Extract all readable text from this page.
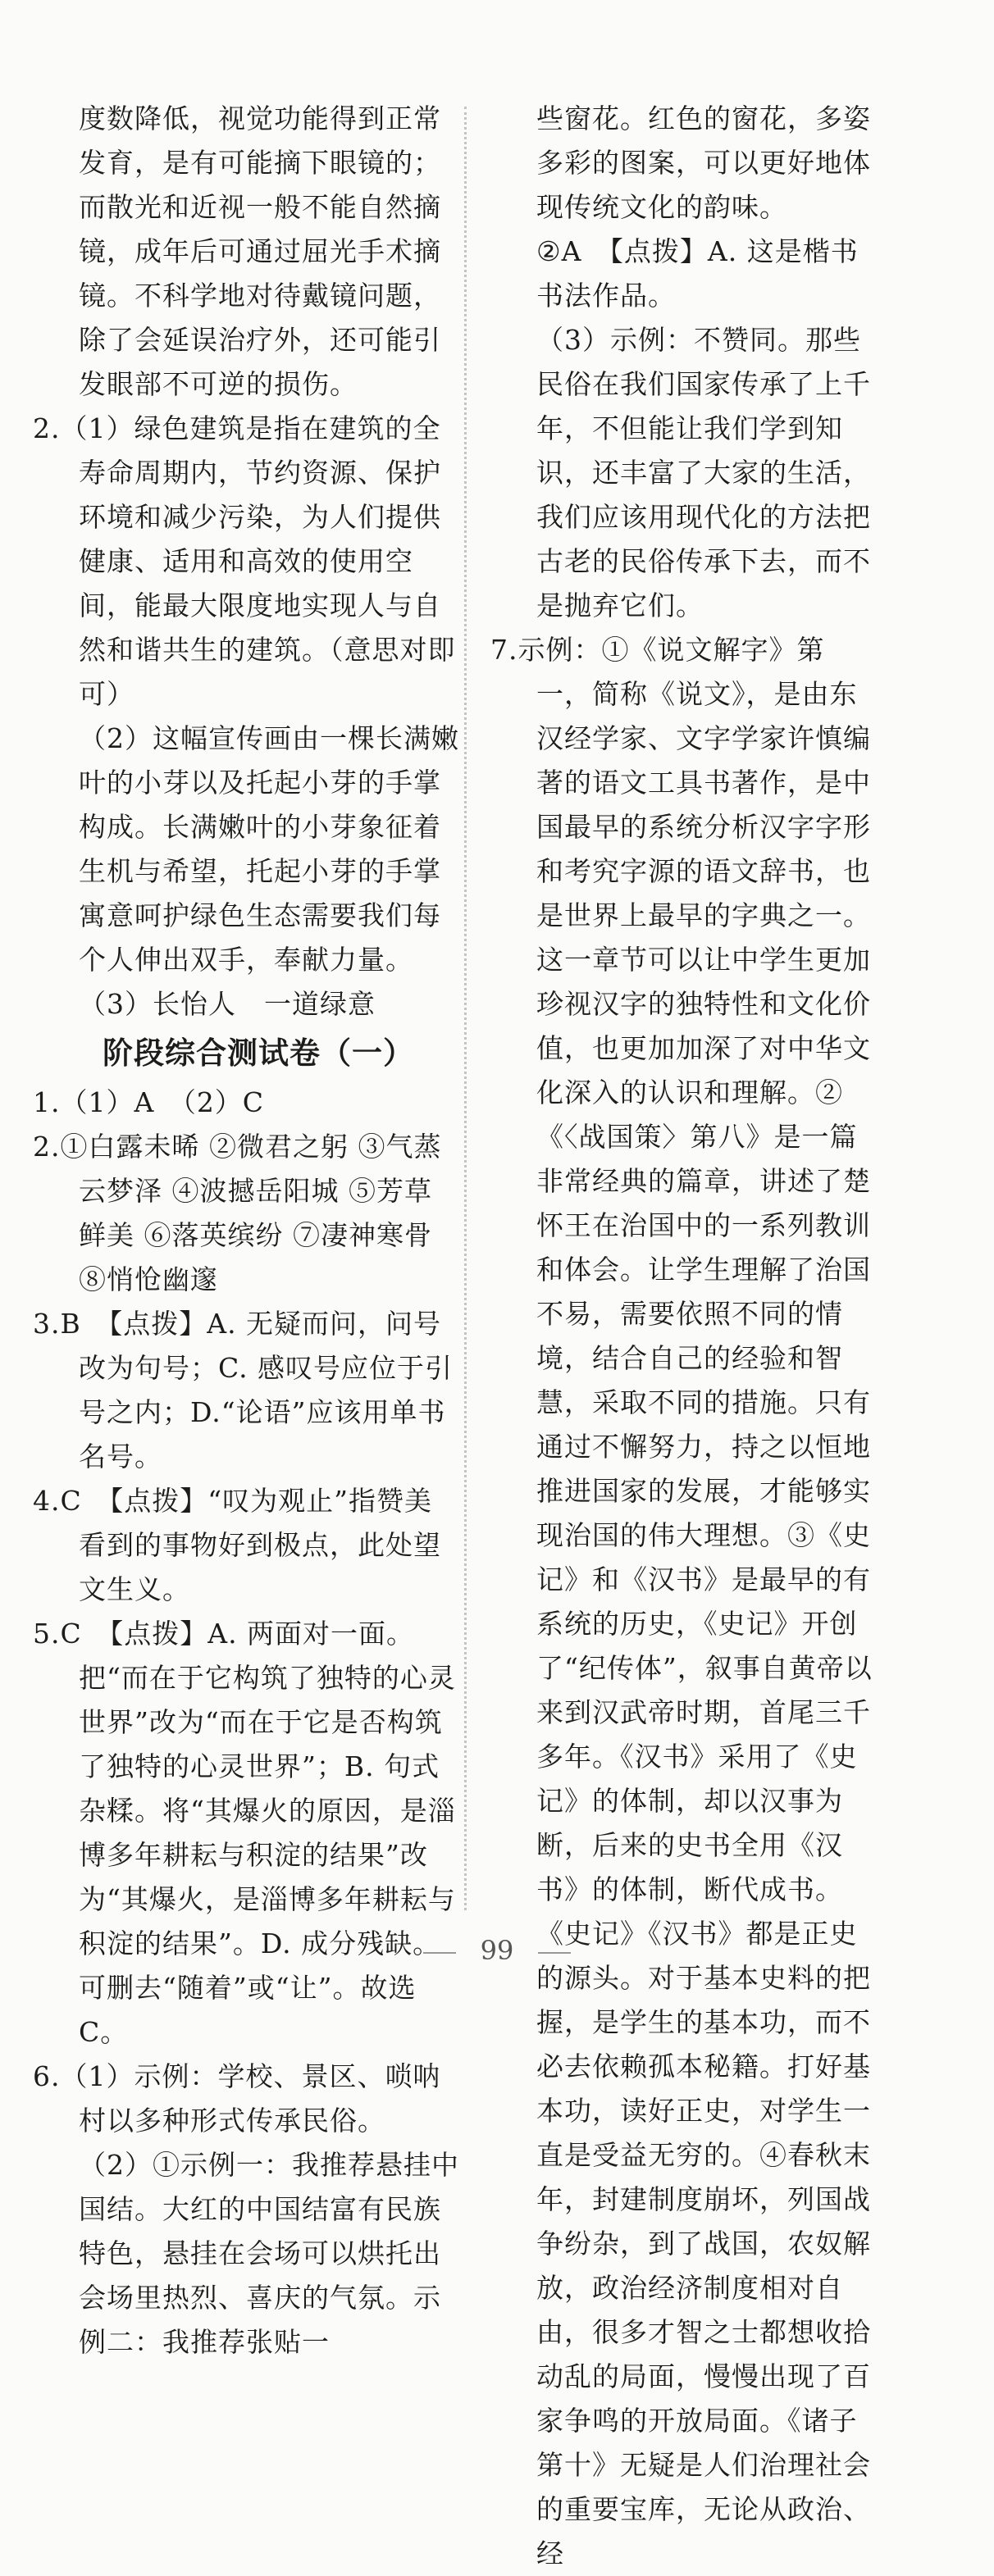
度数降低，视觉功能得到正常发育，是有可能摘下眼镜的；而散光和近视一般不能自然摘镜，成年后可通过屈光手术摘镜。不科学地对待戴镜问题，除了会延误治疗外，还可能引发眼部不可逆的损伤。

2.（1）绿色建筑是指在建筑的全寿命周期内，节约资源、保护环境和减少污染，为人们提供健康、适用和高效的使用空间，能最大限度地实现人与自然和谐共生的建筑。（意思对即可）

（2）这幅宣传画由一棵长满嫩叶的小芽以及托起小芽的手掌构成。长满嫩叶的小芽象征着生机与希望，托起小芽的手掌寓意呵护绿色生态需要我们每个人伸出双手，奉献力量。

（3）长怡人　一道绿意

阶段综合测试卷（一）

1.（1）A　（2）C

2.①白露未晞 ②微君之躬 ③气蒸云梦泽 ④波撼岳阳城 ⑤芳草鲜美 ⑥落英缤纷 ⑦凄神寒骨 ⑧悄怆幽邃

3.B　【点拨】A. 无疑而问，问号改为句号；C. 感叹号应位于引号之内；D.“论语”应该用单书名号。

4.C　【点拨】“叹为观止”指赞美看到的事物好到极点，此处望文生义。

5.C　【点拨】A. 两面对一面。把“而在于它构筑了独特的心灵世界”改为“而在于它是否构筑了独特的心灵世界”；B. 句式杂糅。将“其爆火的原因，是淄博多年耕耘与积淀的结果”改为“其爆火，是淄博多年耕耘与积淀的结果”。D. 成分残缺。可删去“随着”或“让”。故选 C。

6.（1）示例：学校、景区、唢呐村以多种形式传承民俗。

（2）①示例一：我推荐悬挂中国结。大红的中国结富有民族特色，悬挂在会场可以烘托出会场里热烈、喜庆的气氛。示例二：我推荐张贴一

些窗花。红色的窗花，多姿多彩的图案，可以更好地体现传统文化的韵味。

②A　【点拨】A. 这是楷书书法作品。

（3）示例：不赞同。那些民俗在我们国家传承了上千年，不但能让我们学到知识，还丰富了大家的生活，我们应该用现代化的方法把古老的民俗传承下去，而不是抛弃它们。

7.示例：①《说文解字》第一，简称《说文》，是由东汉经学家、文字学家许慎编著的语文工具书著作，是中国最早的系统分析汉字字形和考究字源的语文辞书，也是世界上最早的字典之一。这一章节可以让中学生更加珍视汉字的独特性和文化价值，也更加加深了对中华文化深入的认识和理解。②《〈战国策〉第八》是一篇非常经典的篇章，讲述了楚怀王在治国中的一系列教训和体会。让学生理解了治国不易，需要依照不同的情境，结合自己的经验和智慧，采取不同的措施。只有通过不懈努力，持之以恒地推进国家的发展，才能够实现治国的伟大理想。③《史记》和《汉书》是最早的有系统的历史，《史记》开创了“纪传体”，叙事自黄帝以来到汉武帝时期，首尾三千多年。《汉书》采用了《史记》的体制，却以汉事为断，后来的史书全用《汉书》的体制，断代成书。《史记》《汉书》都是正史的源头。对于基本史料的把握，是学生的基本功，而不必去依赖孤本秘籍。打好基本功，读好正史，对学生一直是受益无穷的。④春秋末年，封建制度崩坏，列国战争纷杂，到了战国，农奴解放，政治经济制度相对自由，很多才智之士都想收拾动乱的局面，慢慢出现了百家争鸣的开放局面。《诸子第十》无疑是人们治理社会的重要宝库，无论从政治、经

99
